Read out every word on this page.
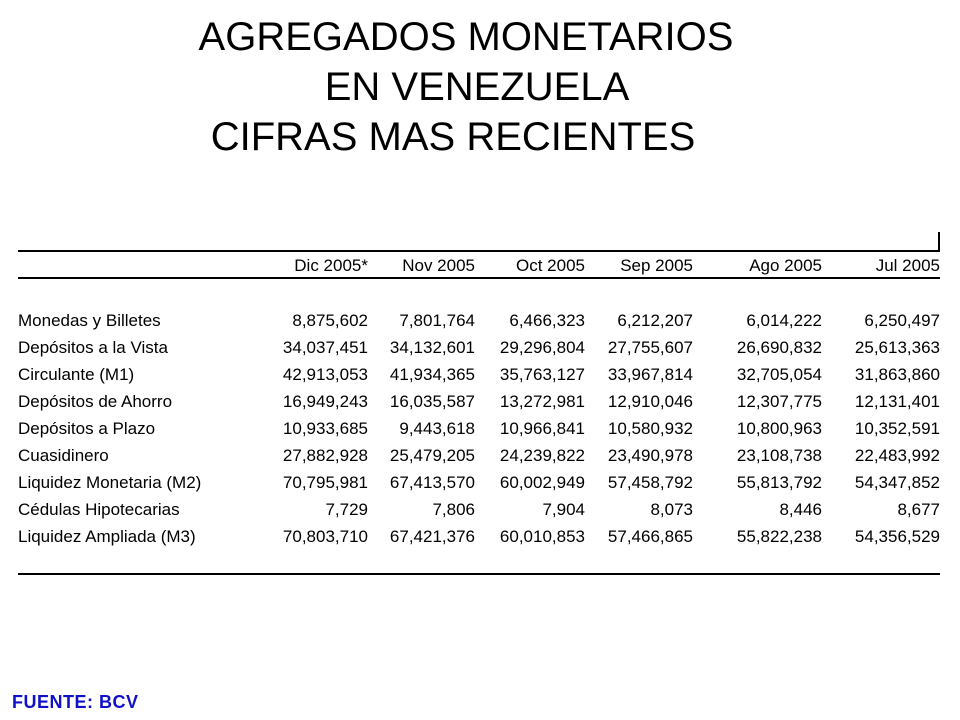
AGREGADOS MONETARIOS
EN VENEZUELA
CIFRAS MAS RECIENTES
	Dic 2005*	Nov 2005	Oct 2005	Sep 2005	Ago 2005	Jul 2005

Monedas y Billetes	8,875,602	7,801,764	6,466,323	6,212,207	6,014,222	6,250,497
Depósitos a la Vista	34,037,451	34,132,601	29,296,804	27,755,607	26,690,832	25,613,363
Circulante (M1)	42,913,053	41,934,365	35,763,127	33,967,814	32,705,054	31,863,860
Depósitos de Ahorro	16,949,243	16,035,587	13,272,981	12,910,046	12,307,775	12,131,401
Depósitos a Plazo	10,933,685	9,443,618	10,966,841	10,580,932	10,800,963	10,352,591
Cuasidinero	27,882,928	25,479,205	24,239,822	23,490,978	23,108,738	22,483,992
Liquidez Monetaria (M2)	70,795,981	67,413,570	60,002,949	57,458,792	55,813,792	54,347,852
Cédulas Hipotecarias	7,729	7,806	7,904	8,073	8,446	8,677
Liquidez Ampliada (M3)	70,803,710	67,421,376	60,010,853	57,466,865	55,822,238	54,356,529
FUENTE: BCV
